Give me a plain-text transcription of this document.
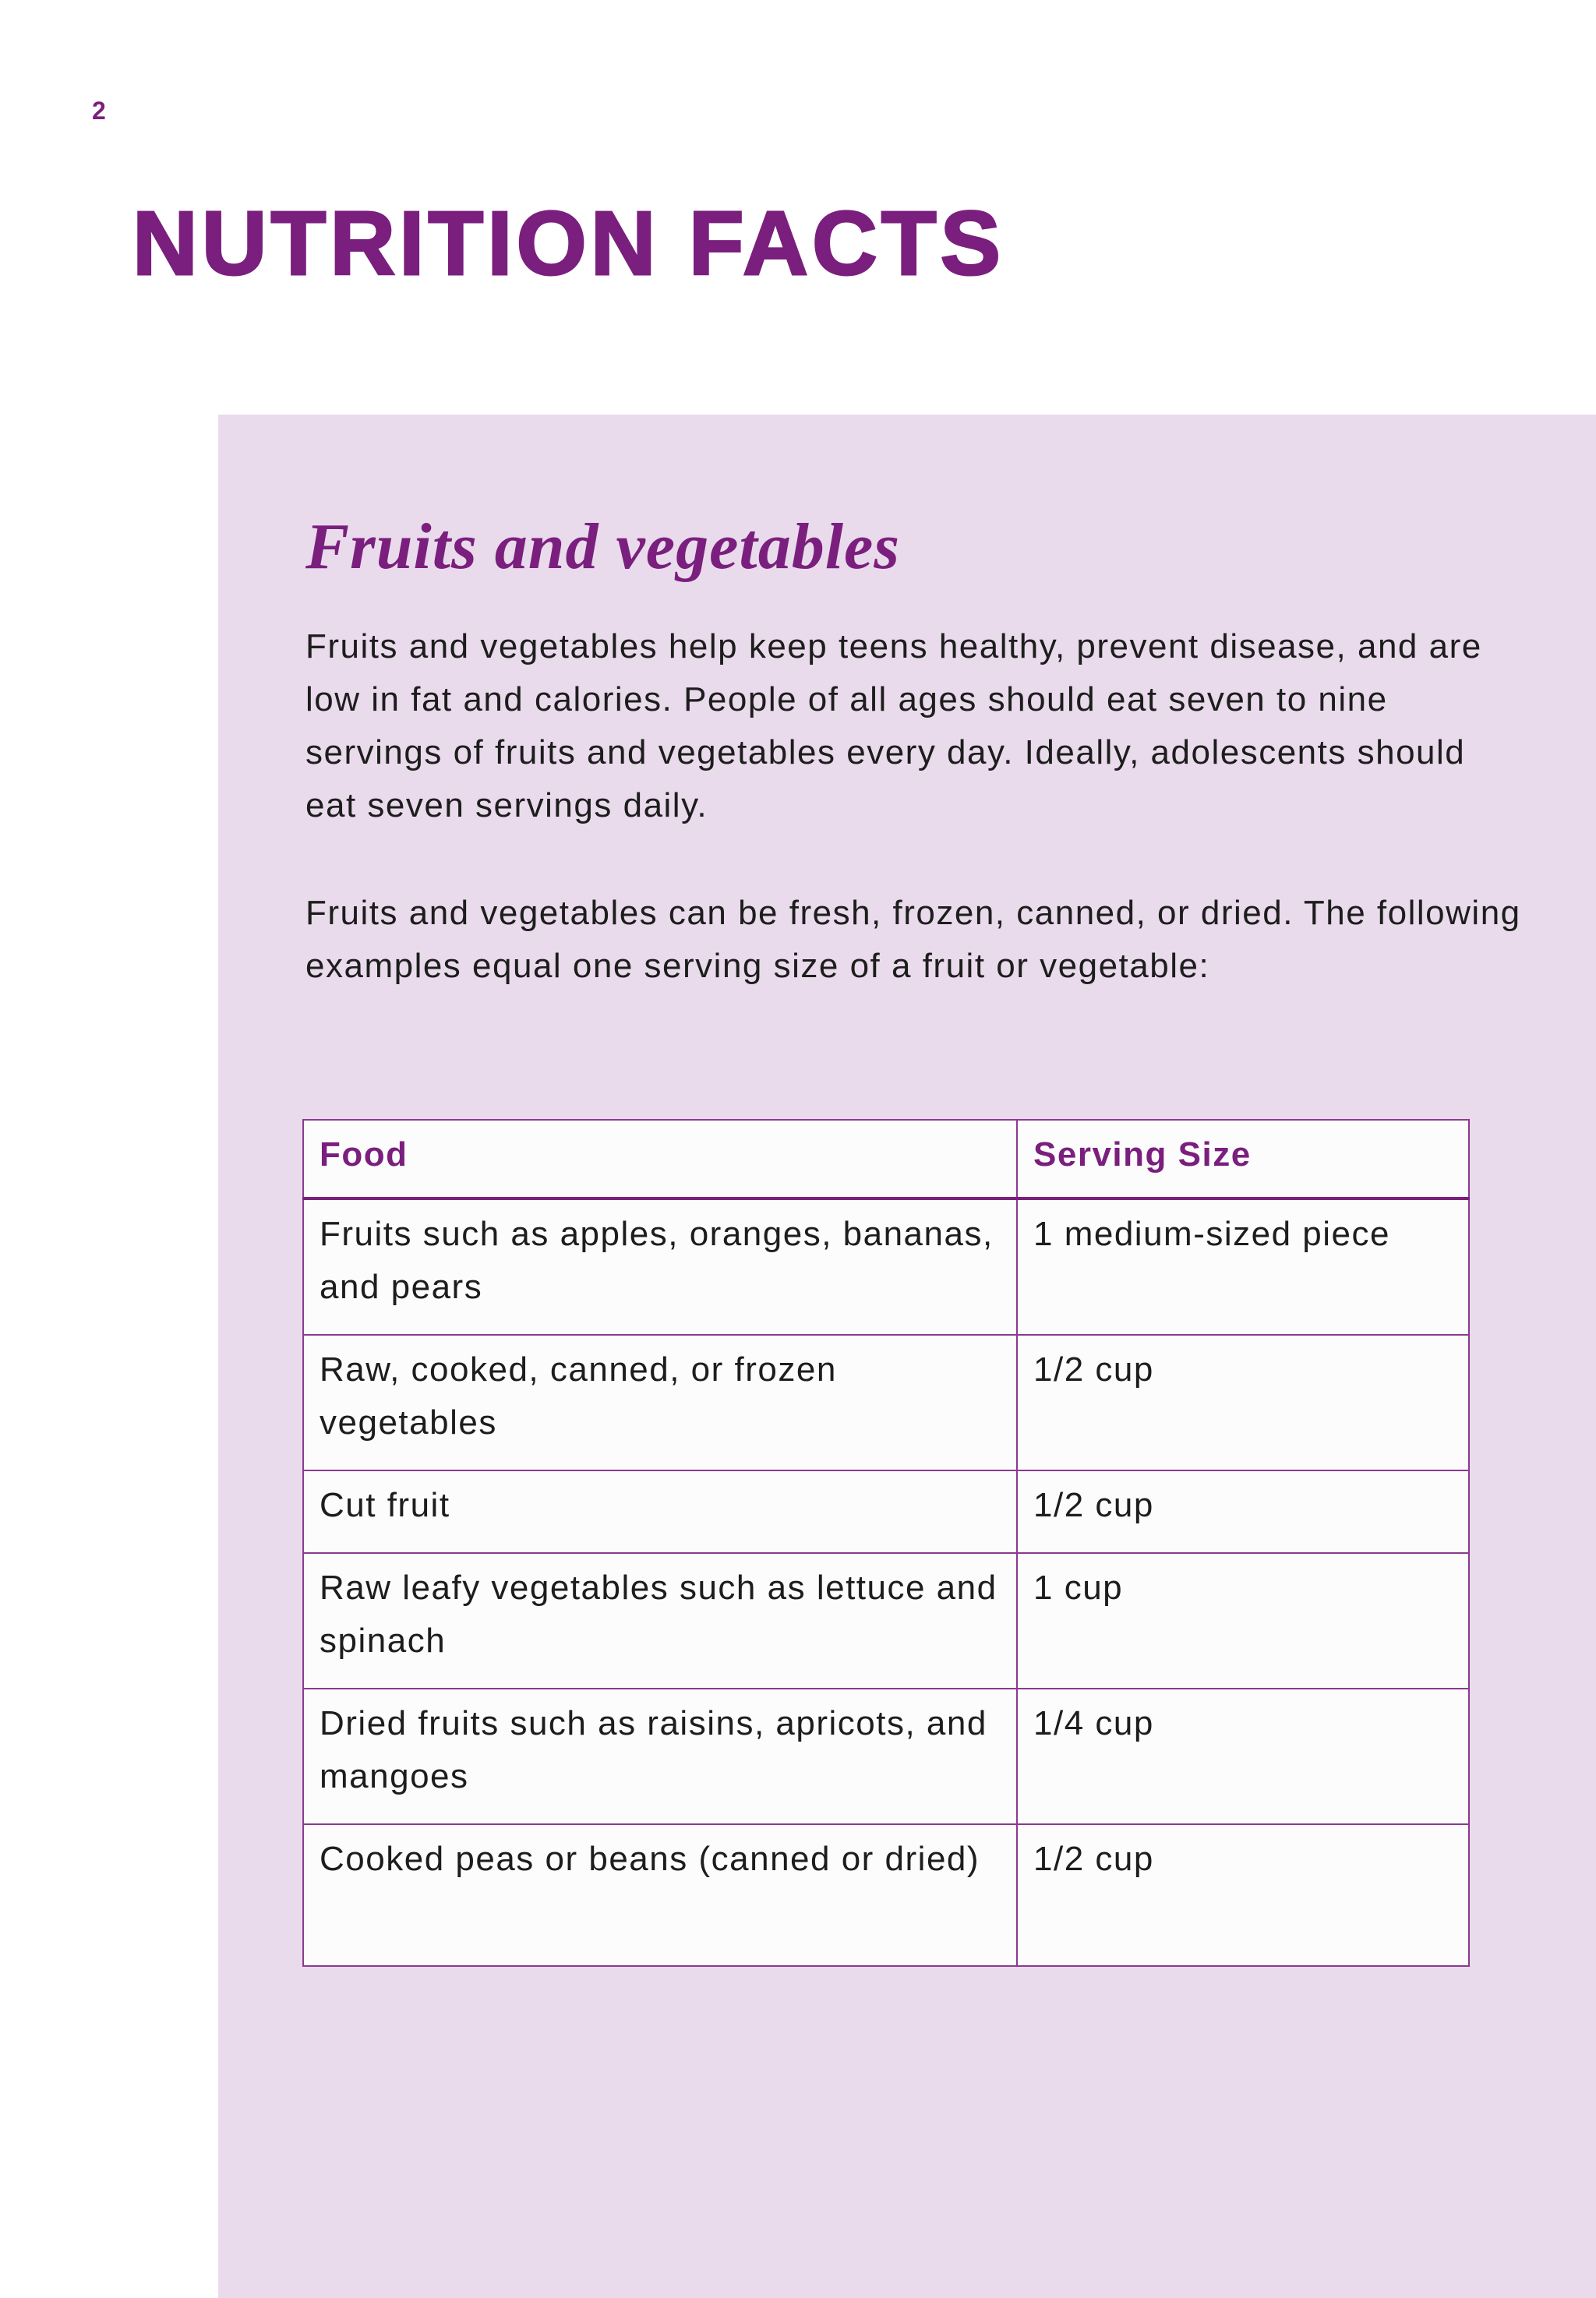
2
NUTRITION FACTS
Fruits and vegetables

Fruits and vegetables help keep teens healthy, prevent disease, and are low in fat and calories. People of all ages should eat seven to nine servings of fruits and vegetables every day. Ideally, adolescents should eat seven servings daily.

Fruits and vegetables can be fresh, frozen, canned, or dried. The following examples equal one serving size of a fruit or vegetable:

Food	Serving Size
Fruits such as apples, oranges, bananas, and pears	1 medium-sized piece
Raw, cooked, canned, or frozen vegetables	1/2 cup
Cut fruit	1/2 cup
Raw leafy vegetables such as lettuce and spinach	1 cup
Dried fruits such as raisins, apricots, and mangoes	1/4 cup
Cooked peas or beans (canned or dried)	1/2 cup
